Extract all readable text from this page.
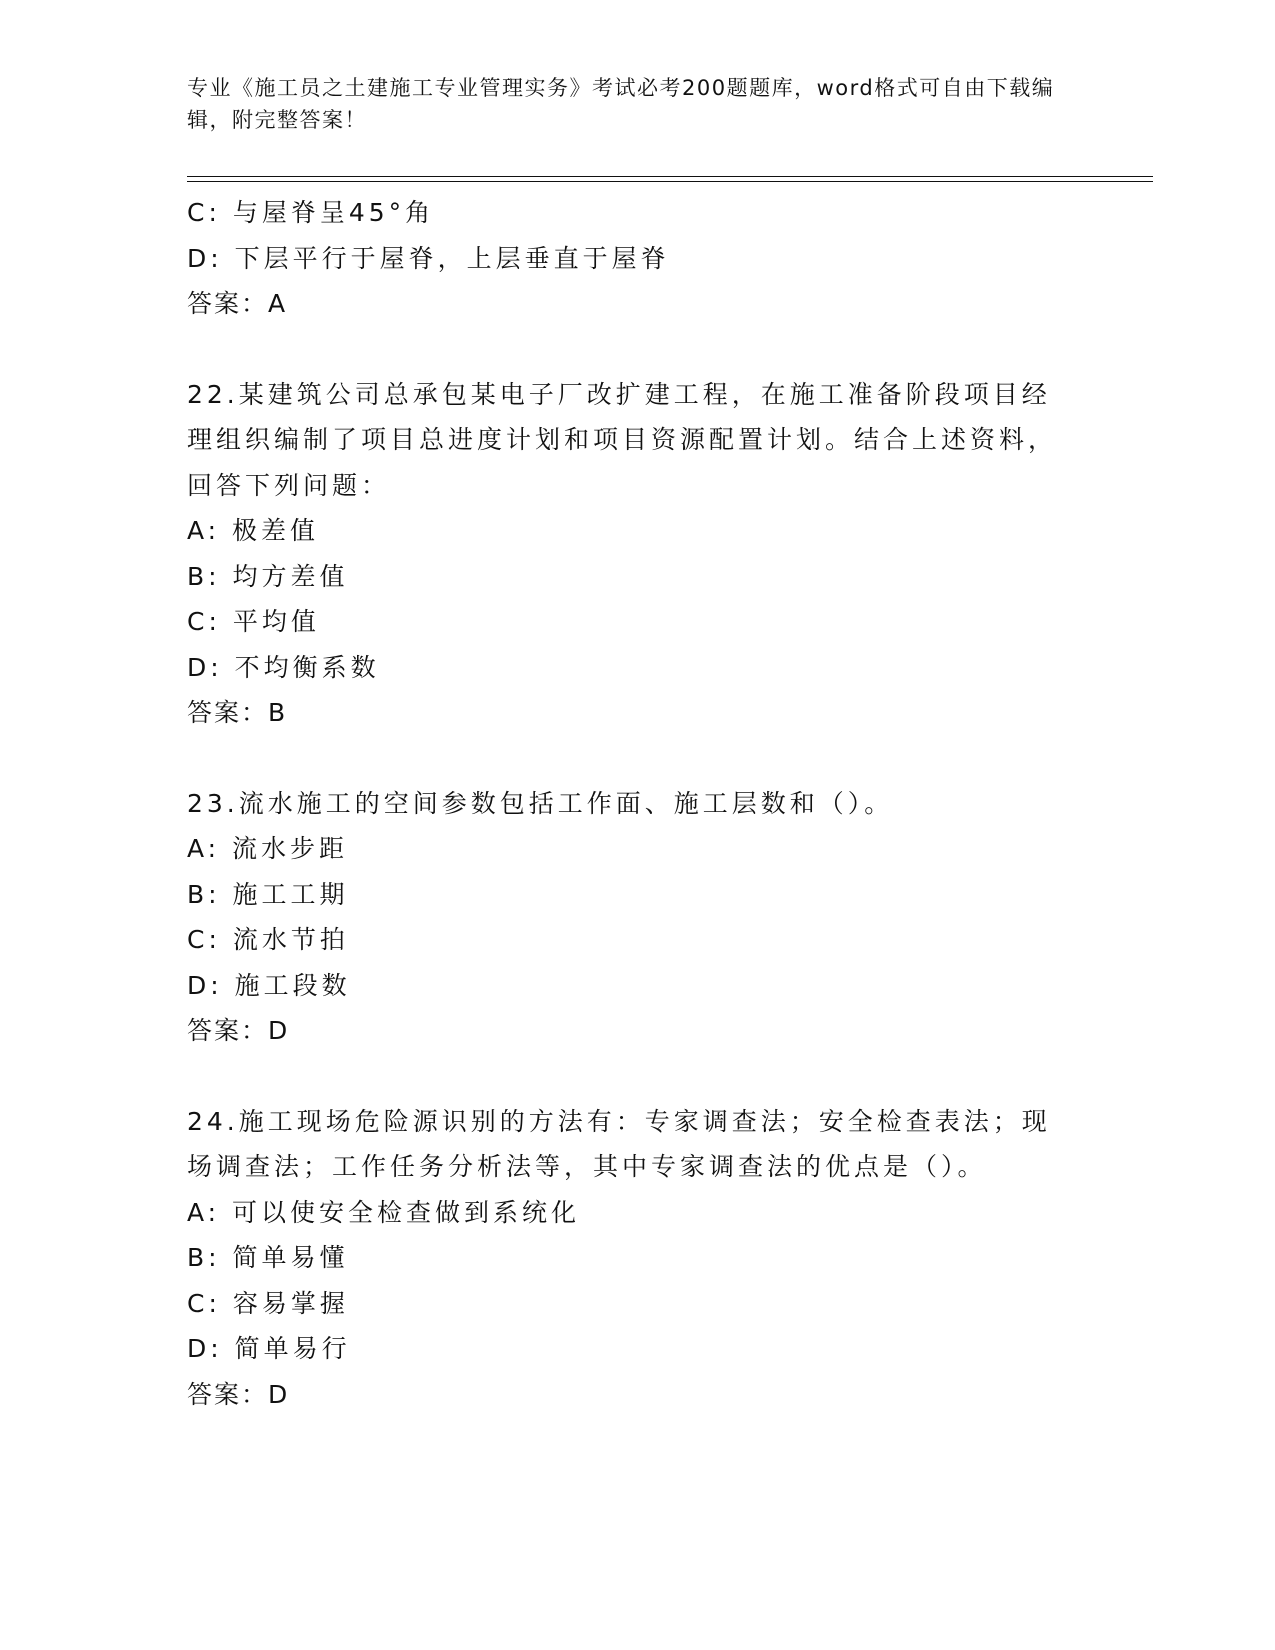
专业《施工员之土建施工专业管理实务》考试必考200题题库，word格式可自由下载编辑，附完整答案！
C: 与屋脊呈45°角
D: 下层平行于屋脊，上层垂直于屋脊
答案：A
22.某建筑公司总承包某电子厂改扩建工程，在施工准备阶段项目经理组织编制了项目总进度计划和项目资源配置计划。结合上述资料，回答下列问题：
A: 极差值
B: 均方差值
C: 平均值
D: 不均衡系数
答案：B
23.流水施工的空间参数包括工作面、施工层数和（）。
A: 流水步距
B: 施工工期
C: 流水节拍
D: 施工段数
答案：D
24.施工现场危险源识别的方法有：专家调查法；安全检查表法；现场调查法；工作任务分析法等，其中专家调查法的优点是（）。
A: 可以使安全检查做到系统化
B: 简单易懂
C: 容易掌握
D: 简单易行
答案：D
